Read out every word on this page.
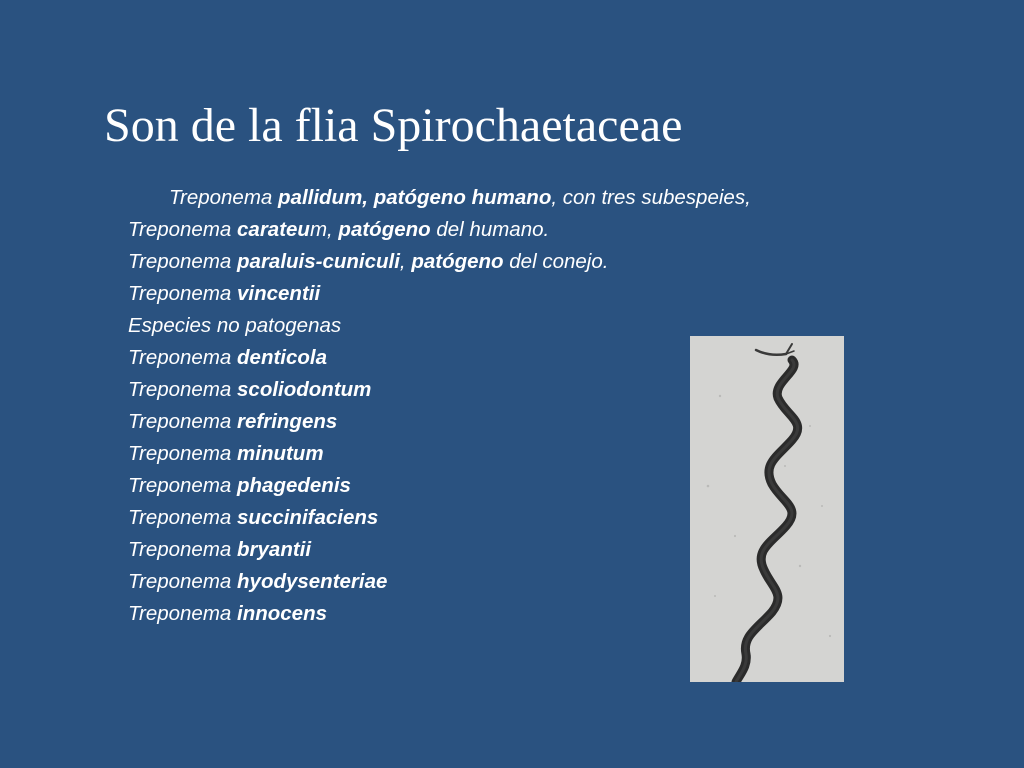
Son de la flia Spirochaetaceae
Treponema pallidum, patógeno humano, con tres subespeies,
Treponema carateum, patógeno del humano.
Treponema paraluis-cuniculi, patógeno del conejo.
Treponema vincentii
Especies no patogenas
Treponema denticola
Treponema scoliodontum
Treponema refringens
Treponema minutum
Treponema phagedenis
Treponema succinifaciens
Treponema bryantii
Treponema hyodysenteriae
Treponema innocens
